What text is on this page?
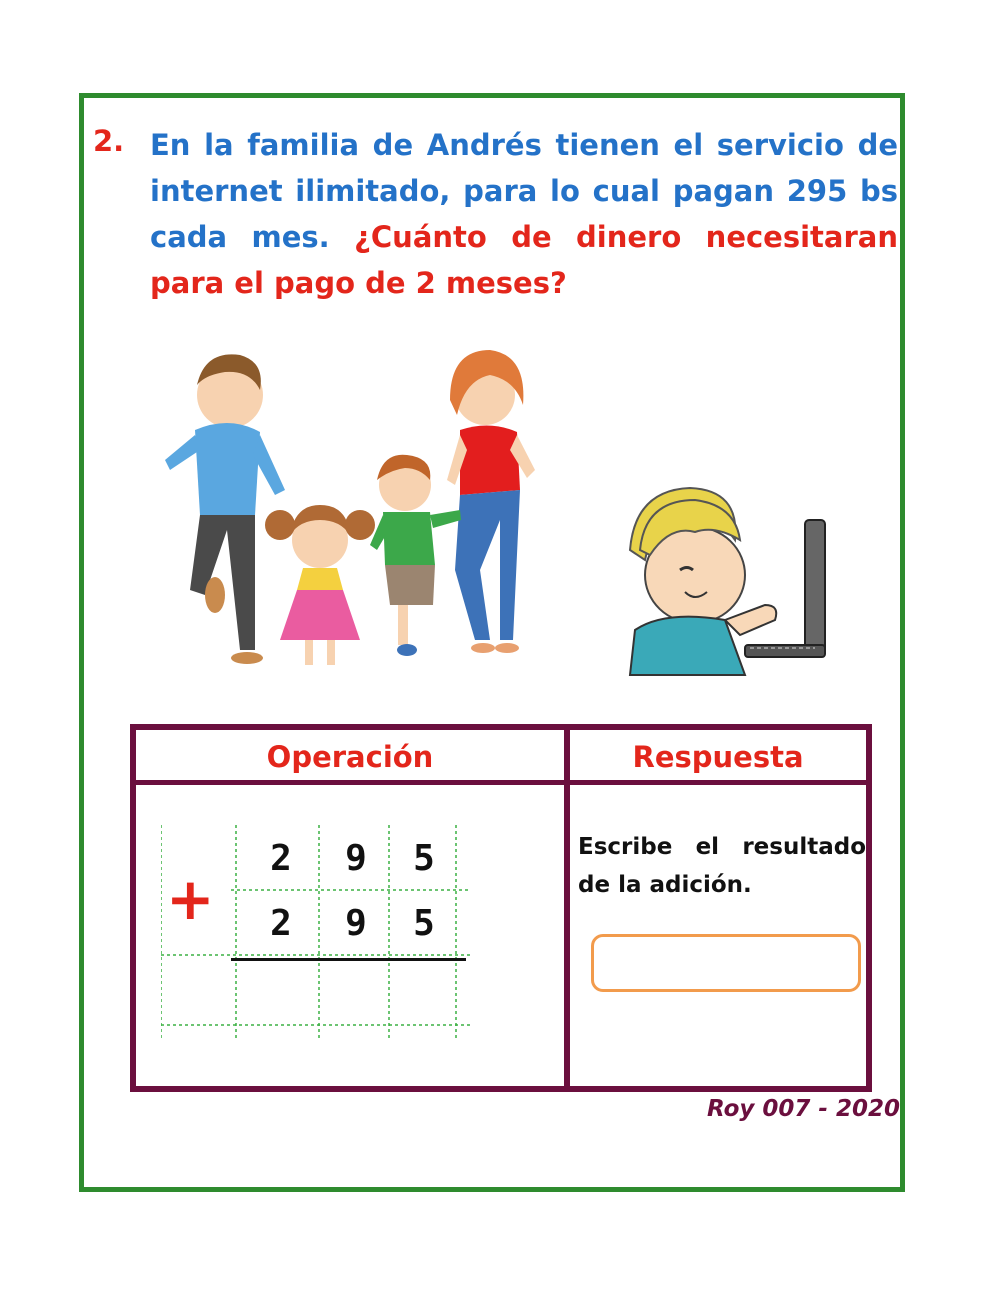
2. En la familia de Andrés tienen el servicio de internet ilimitado, para lo cual pagan 295 bs cada mes. ¿Cuánto de dinero necesitaran para el pago de 2 meses?
Operación	Respuesta
+
2	9	5
2	9	5
Escribe el resultado de la adición.
Roy 007 - 2020
